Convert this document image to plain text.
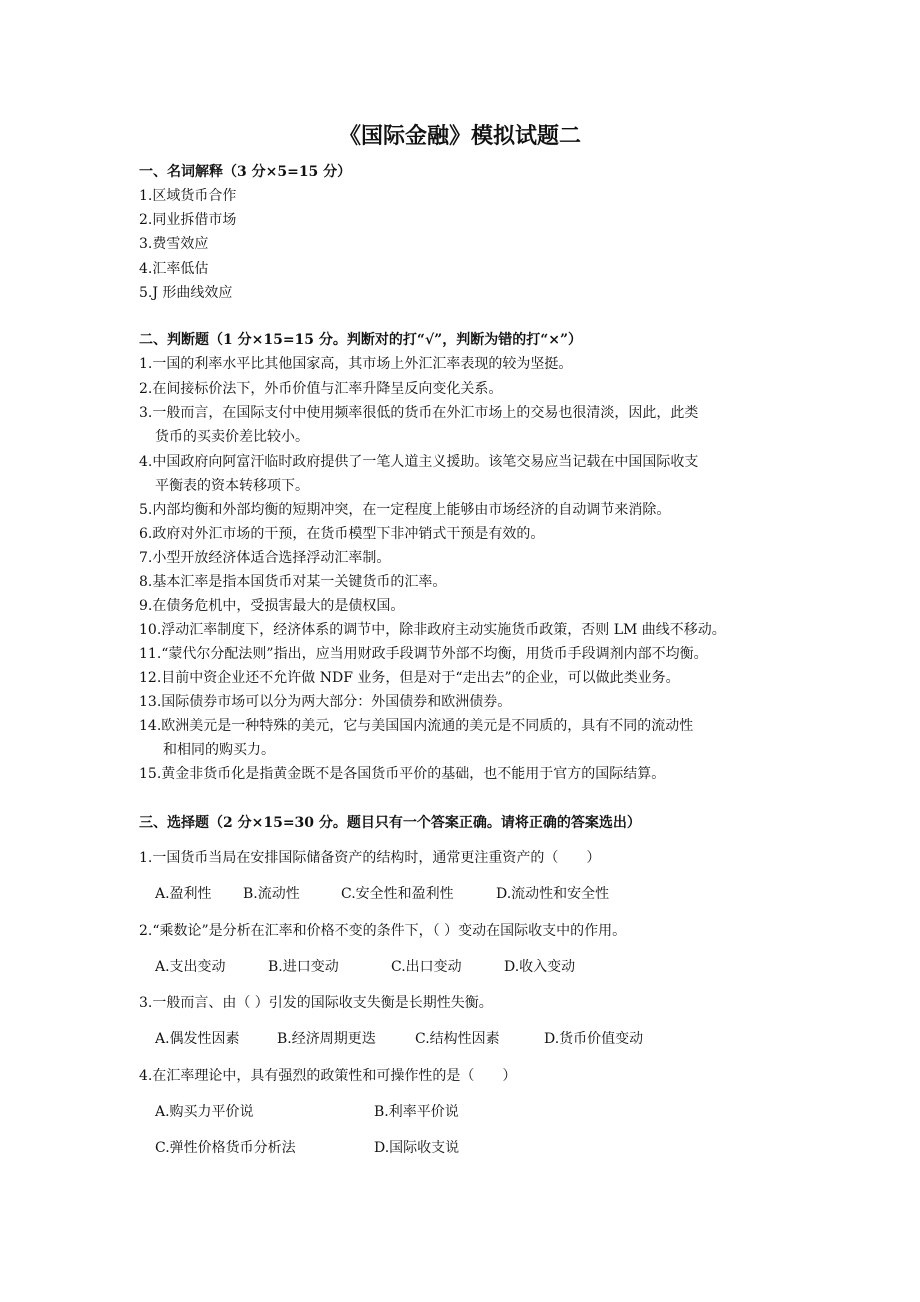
《国际金融》模拟试题二

一、名词解释（3 分×5=15 分）

1.区域货币合作

2.同业拆借市场

3.费雪效应

4.汇率低估

5.J 形曲线效应

二、判断题（1 分×15=15 分。判断对的打“√”，判断为错的打“×”）

1.一国的利率水平比其他国家高，其市场上外汇汇率表现的较为坚挺。

2.在间接标价法下，外币价值与汇率升降呈反向变化关系。

3.一般而言，在国际支付中使用频率很低的货币在外汇市场上的交易也很清淡，因此，此类

货币的买卖价差比较小。

4.中国政府向阿富汗临时政府提供了一笔人道主义援助。该笔交易应当记载在中国国际收支

平衡表的资本转移项下。

5.内部均衡和外部均衡的短期冲突，在一定程度上能够由市场经济的自动调节来消除。

6.政府对外汇市场的干预，在货币模型下非冲销式干预是有效的。

7.小型开放经济体适合选择浮动汇率制。

8.基本汇率是指本国货币对某一关键货币的汇率。

9.在债务危机中，受损害最大的是债权国。

10.浮动汇率制度下，经济体系的调节中，除非政府主动实施货币政策，否则 LM 曲线不移动。

11.“蒙代尔分配法则”指出，应当用财政手段调节外部不均衡，用货币手段调剂内部不均衡。

12.目前中资企业还不允许做 NDF 业务，但是对于“走出去”的企业，可以做此类业务。

13.国际债券市场可以分为两大部分：外国债券和欧洲债券。

14.欧洲美元是一种特殊的美元，它与美国国内流通的美元是不同质的，具有不同的流动性

和相同的购买力。

15.黄金非货币化是指黄金既不是各国货币平价的基础，也不能用于官方的国际结算。

三、选择题（2 分×15=30 分。题目只有一个答案正确。请将正确的答案选出）

1.一国货币当局在安排国际储备资产的结构时，通常更注重资产的（　　）

A.盈利性 B.流动性	C.安全性和盈利性	D.流动性和安全性

2.“乘数论”是分析在汇率和价格不变的条件下，（ ）变动在国际收支中的作用。

A.支出变动	B.进口变动	C.出口变动	D.收入变动

3.一般而言、由（ ）引发的国际收支失衡是长期性失衡。

A.偶发性因素	B.经济周期更迭	C.结构性因素	D.货币价值变动

4.在汇率理论中，具有强烈的政策性和可操作性的是（　　）

A.购买力平价说	B.利率平价说
C.弹性价格货币分析法	D.国际收支说
